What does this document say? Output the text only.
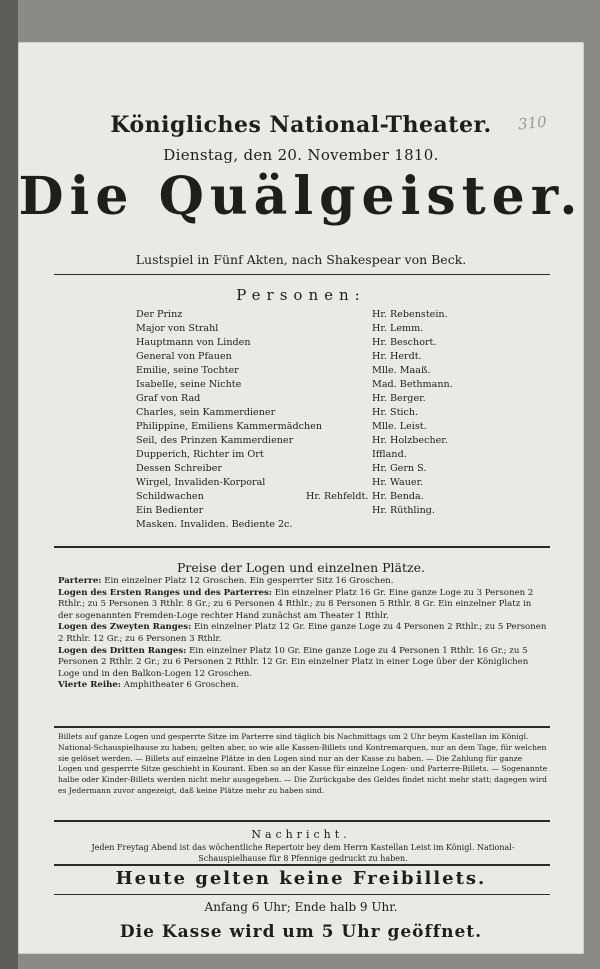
310
Königliches National-Theater.
Dienstag, den 20. November 1810.
Die Quälgeister.
Lustspiel in Fünf Akten, nach Shakespear von Beck.
Personen:
Der Prinz	Hr. Rebenstein.
Major von Strahl	Hr. Lemm.
Hauptmann von Linden	Hr. Beschort.
General von Pfauen	Hr. Herdt.
Emilie, seine Tochter	Mlle. Maaß.
Isabelle, seine Nichte	Mad. Bethmann.
Graf von Rad	Hr. Berger.
Charles, sein Kammerdiener	Hr. Stich.
Philippine, Emiliens Kammermädchen	Mlle. Leist.
Seil, des Prinzen Kammerdiener	Hr. Holzbecher.
Dupperich, Richter im Ort	Iffland.
Dessen Schreiber	Hr. Gern S.
Wirgel, Invaliden-Korporal	Hr. Wauer.
Schildwachen	Hr. Rehfeldt. Hr. Benda.
Ein Bedienter	Hr. Rüthling.
Masken. Invaliden. Bediente 2c.
Preise der Logen und einzelnen Plätze.
Parterre: Ein einzelner Platz 12 Groschen. Ein gesperrter Sitz 16 Groschen.
Logen des Ersten Ranges und des Parterres: Ein einzelner Platz 16 Gr. Eine ganze Loge zu 3 Personen 2 Rthlr.; zu 5 Personen 3 Rthlr. 8 Gr.; zu 6 Personen 4 Rthlr.; zu 8 Personen 5 Rthlr. 8 Gr. Ein einzelner Platz in der sogenannten Fremden-Loge rechter Hand zunächst am Theater 1 Rthlr.
Logen des Zweyten Ranges: Ein einzelner Platz 12 Gr. Eine ganze Loge zu 4 Personen 2 Rthlr.; zu 5 Personen 2 Rthlr. 12 Gr.; zu 6 Personen 3 Rthlr.
Logen des Dritten Ranges: Ein einzelner Platz 10 Gr. Eine ganze Loge zu 4 Personen 1 Rthlr. 16 Gr.; zu 5 Personen 2 Rthlr. 2 Gr.; zu 6 Personen 2 Rthlr. 12 Gr. Ein einzelner Platz in einer Loge über der Königlichen Loge und in den Balkon-Logen 12 Groschen.
Vierte Reihe: Amphitheater 6 Groschen.
Billets auf ganze Logen und gesperrte Sitze im Parterre sind täglich bis Nachmittags um 2 Uhr beym Kastellan im Königl. National-Schauspielhause zu haben; gelten aber, so wie alle Kassen-Billets und Kontremarquen, nur an dem Tage, für welchen sie gelöset werden. — Billets auf einzelne Plätze in den Logen sind nur an der Kasse zu haben. — Die Zahlung für ganze Logen und gesperrte Sitze geschieht in Kourant. Eben so an der Kasse für einzelne Logen- und Parterre-Billets. — Sogenannte halbe oder Kinder-Billets werden nicht mehr ausgegeben. — Die Zurückgabe des Geldes findet nicht mehr statt; dagegen wird es Jedermann zuvor angezeigt, daß keine Plätze mehr zu haben sind.
Nachricht.
Jeden Freytag Abend ist das wöchentliche Repertoir bey dem Herrn Kastellan Leist im Königl. National-Schauspielhause für 8 Pfennige gedruckt zu haben.
Heute gelten keine Freibillets.
Anfang 6 Uhr; Ende halb 9 Uhr.
Die Kasse wird um 5 Uhr geöffnet.
